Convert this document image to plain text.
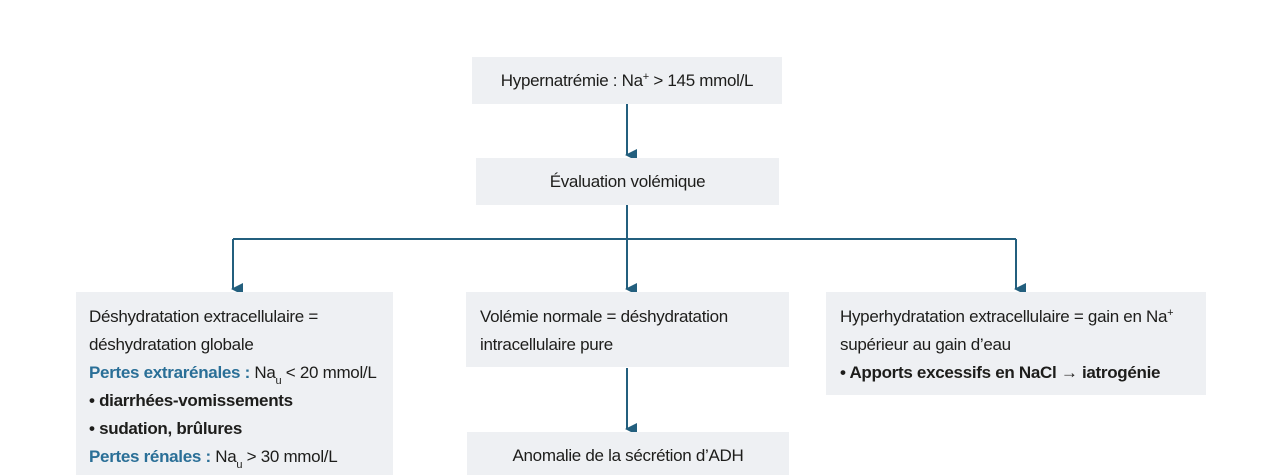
Hypernatrémie : Na+ > 145 mmol/L
Évaluation volémique
Déshydratation extracellulaire =
déshydratation globale
Pertes extrarénales : $Na_u < 20$ mmol/L
• diarrhées-vomissements
• sudation, brûlures
Pertes rénales : $Na_u > 30$ mmol/L
Volémie normale = déshydratation
intracellulaire pure
Anomalie de la sécrétion d’ADH
Hyperhydratation extracellulaire = gain en Na+
supérieur au gain d’eau
• Apports excessifs en NaCl → iatrogénie
